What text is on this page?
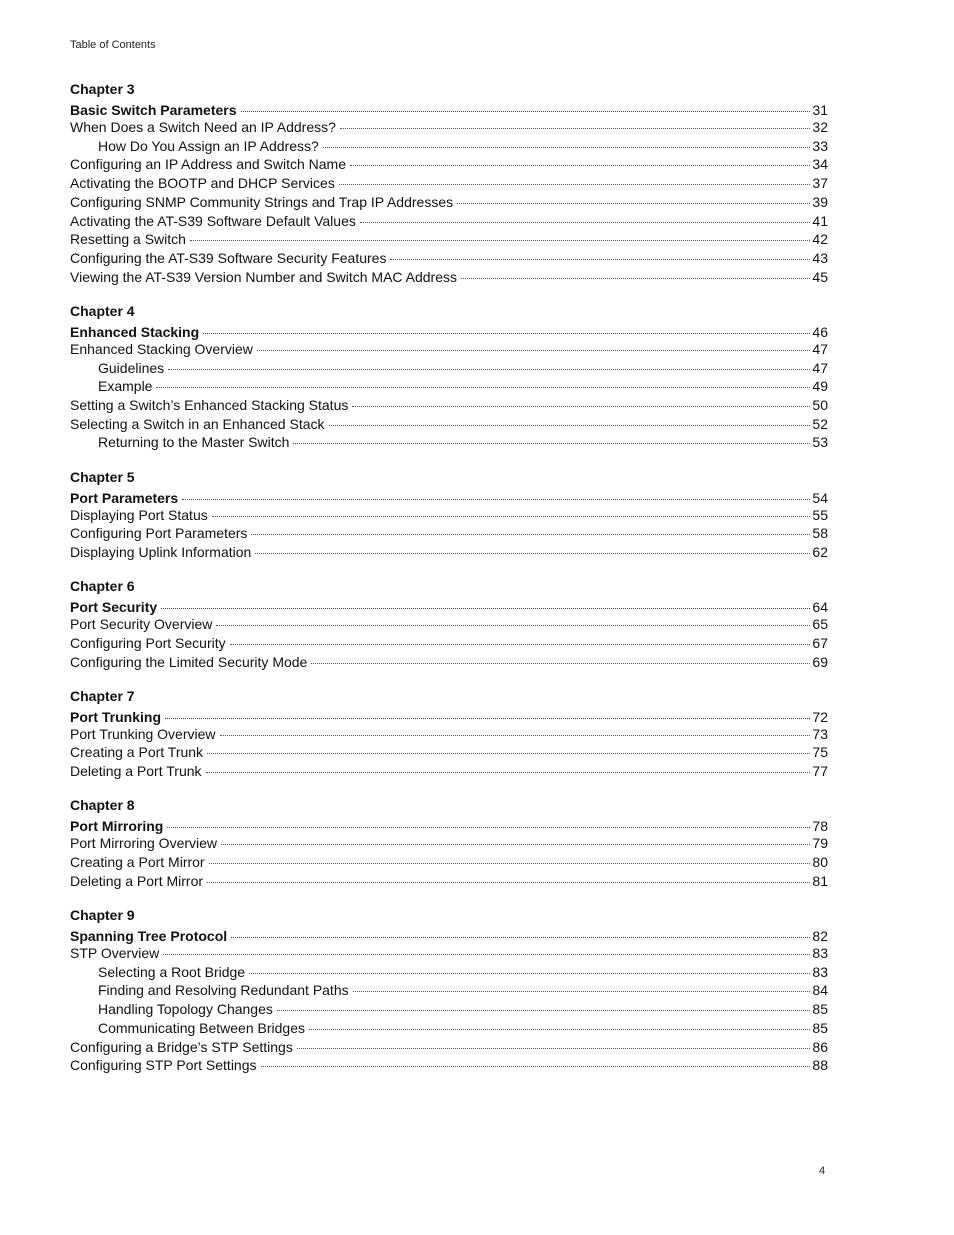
Table of Contents
Chapter 3
Basic Switch Parameters	31
When Does a Switch Need an IP Address?	32
How Do You Assign an IP Address?	33
Configuring an IP Address and Switch Name	34
Activating the BOOTP and DHCP Services	37
Configuring SNMP Community Strings and Trap IP Addresses	39
Activating the AT-S39 Software Default Values	41
Resetting a Switch	42
Configuring the AT-S39 Software Security Features	43
Viewing the AT-S39 Version Number and Switch MAC Address	45
Chapter 4
Enhanced Stacking	46
Enhanced Stacking Overview	47
Guidelines	47
Example	49
Setting a Switch’s Enhanced Stacking Status	50
Selecting a Switch in an Enhanced Stack	52
Returning to the Master Switch	53
Chapter 5
Port Parameters	54
Displaying Port Status	55
Configuring Port Parameters	58
Displaying Uplink Information	62
Chapter 6
Port Security	64
Port Security Overview	65
Configuring Port Security	67
Configuring the Limited Security Mode	69
Chapter 7
Port Trunking	72
Port Trunking Overview	73
Creating a Port Trunk	75
Deleting a Port Trunk	77
Chapter 8
Port Mirroring	78
Port Mirroring Overview	79
Creating a Port Mirror	80
Deleting a Port Mirror	81
Chapter 9
Spanning Tree Protocol	82
STP Overview	83
Selecting a Root Bridge	83
Finding and Resolving Redundant Paths	84
Handling Topology Changes	85
Communicating Between Bridges	85
Configuring a Bridge’s STP Settings	86
Configuring STP Port Settings	88
4
